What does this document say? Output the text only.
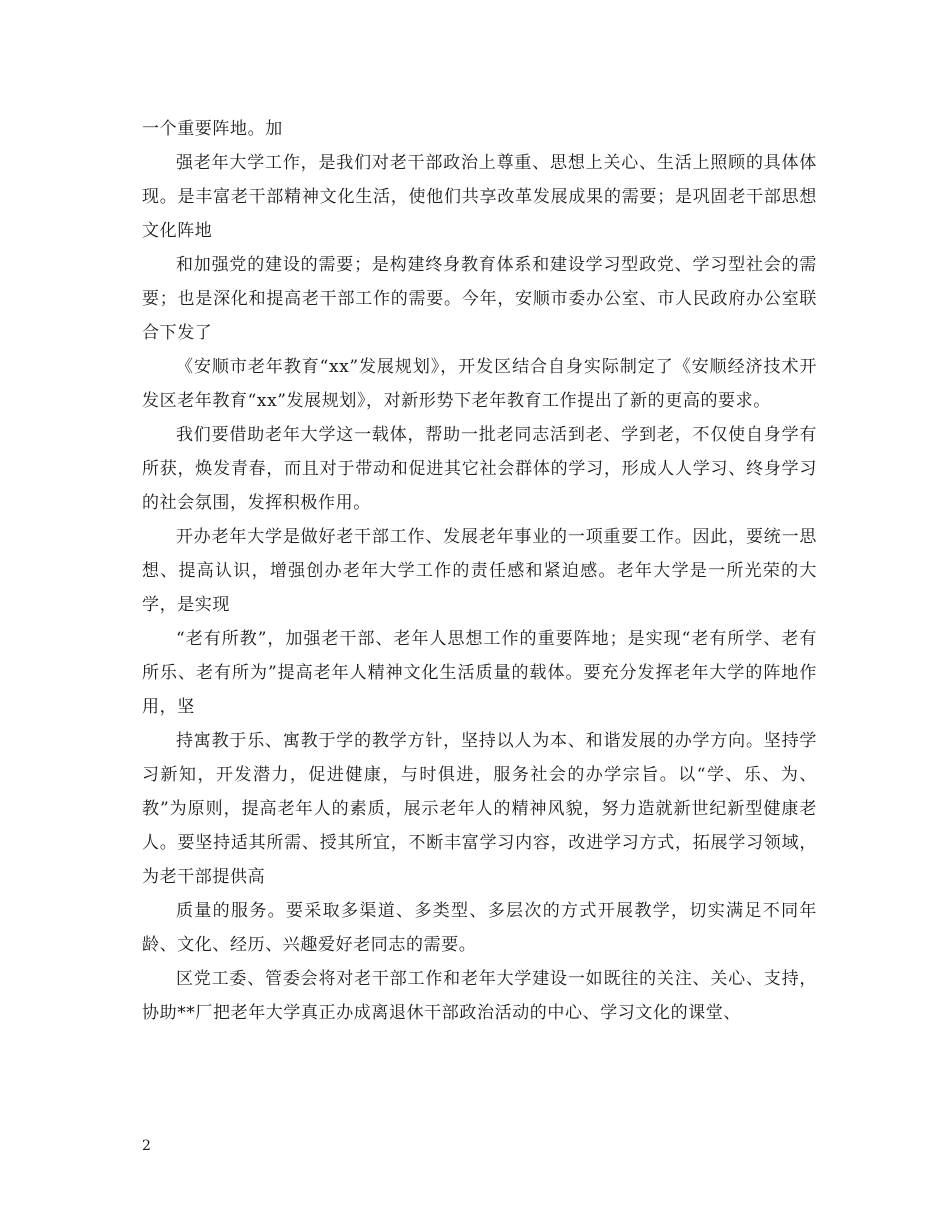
一个重要阵地。加

强老年大学工作，是我们对老干部政治上尊重、思想上关心、生活上照顾的具体体现。是丰富老干部精神文化生活，使他们共享改革发展成果的需要；是巩固老干部思想文化阵地

和加强党的建设的需要；是构建终身教育体系和建设学习型政党、学习型社会的需要；也是深化和提高老干部工作的需要。今年，安顺市委办公室、市人民政府办公室联合下发了

《安顺市老年教育“xx”发展规划》，开发区结合自身实际制定了《安顺经济技术开发区老年教育“xx”发展规划》，对新形势下老年教育工作提出了新的更高的要求。

我们要借助老年大学这一载体，帮助一批老同志活到老、学到老，不仅使自身学有所获，焕发青春，而且对于带动和促进其它社会群体的学习，形成人人学习、终身学习的社会氛围，发挥积极作用。

开办老年大学是做好老干部工作、发展老年事业的一项重要工作。因此，要统一思想、提高认识，增强创办老年大学工作的责任感和紧迫感。老年大学是一所光荣的大学，是实现

“老有所教”，加强老干部、老年人思想工作的重要阵地；是实现“老有所学、老有所乐、老有所为”提高老年人精神文化生活质量的载体。要充分发挥老年大学的阵地作用，坚

持寓教于乐、寓教于学的教学方针，坚持以人为本、和谐发展的办学方向。坚持学习新知，开发潜力，促进健康，与时俱进，服务社会的办学宗旨。以“学、乐、为、教”为原则，提高老年人的素质，展示老年人的精神风貌，努力造就新世纪新型健康老人。要坚持适其所需、授其所宜，不断丰富学习内容，改进学习方式，拓展学习领域，为老干部提供高

质量的服务。要采取多渠道、多类型、多层次的方式开展教学，切实满足不同年龄、文化、经历、兴趣爱好老同志的需要。

区党工委、管委会将对老干部工作和老年大学建设一如既往的关注、关心、支持，协助**厂把老年大学真正办成离退休干部政治活动的中心、学习文化的课堂、

2
